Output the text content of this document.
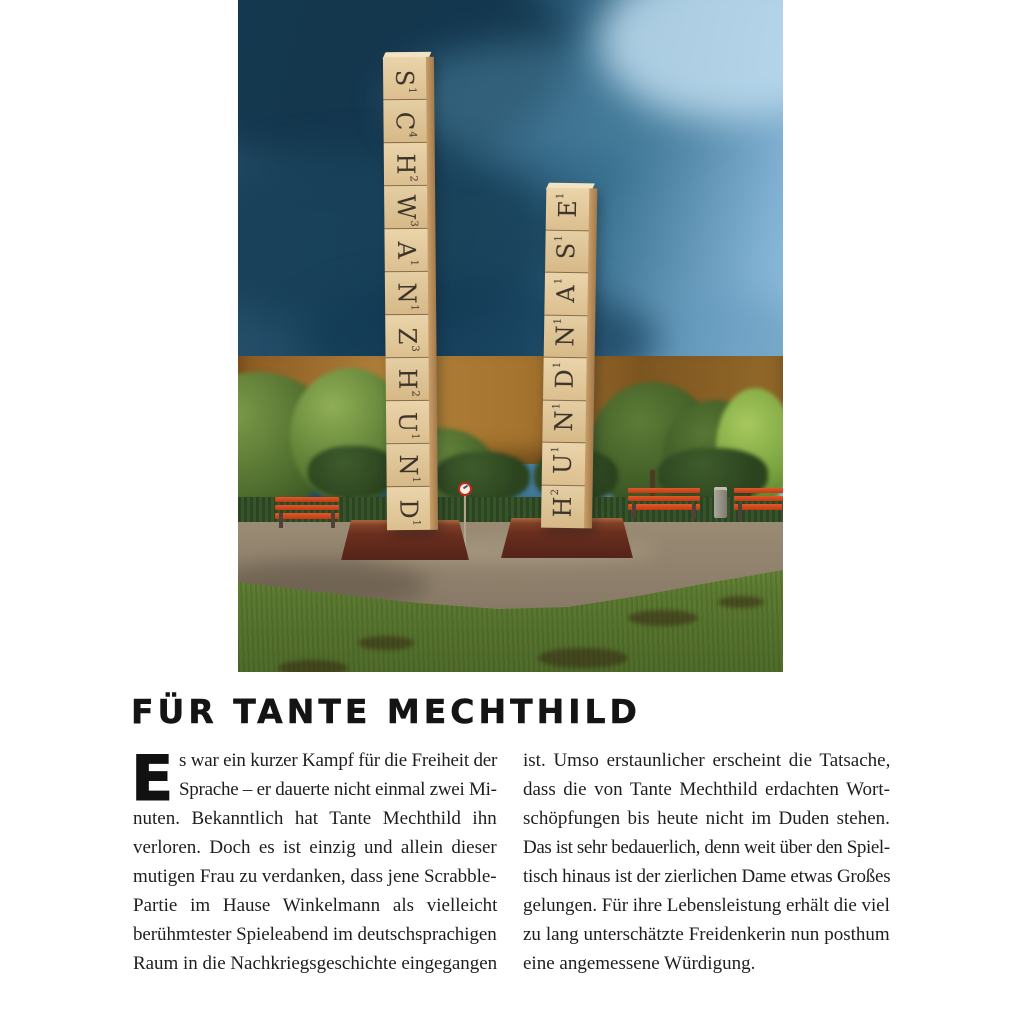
S
1
C
4
H
2
W
3
A
1
N
1
Z
3
H
2
U
1
N
1
D
1
E
1
S
1
A
1
N
1
D
1
N
1
U
1
H
2
FÜR TANTE MECHTHILD
E s war ein kurzer Kampf für die Freiheit der
Sprache – er dauerte nicht einmal zwei Mi-
nuten. Bekanntlich hat Tante Mechthild ihn
verloren. Doch es ist einzig und allein dieser
mutigen Frau zu verdanken, dass jene Scrabble-
Partie im Hause Winkelmann als vielleicht
berühmtester Spieleabend im deutschsprachigen
Raum in die Nachkriegsgeschichte eingegangen
ist. Umso erstaunlicher erscheint die Tatsache,
dass die von Tante Mechthild erdachten Wort-
schöpfungen bis heute nicht im Duden stehen.
Das ist sehr bedauerlich, denn weit über den Spiel-
tisch hinaus ist der zierlichen Dame etwas Großes
gelungen. Für ihre Lebensleistung erhält die viel
zu lang unterschätzte Freidenkerin nun posthum
eine angemessene Würdigung.
